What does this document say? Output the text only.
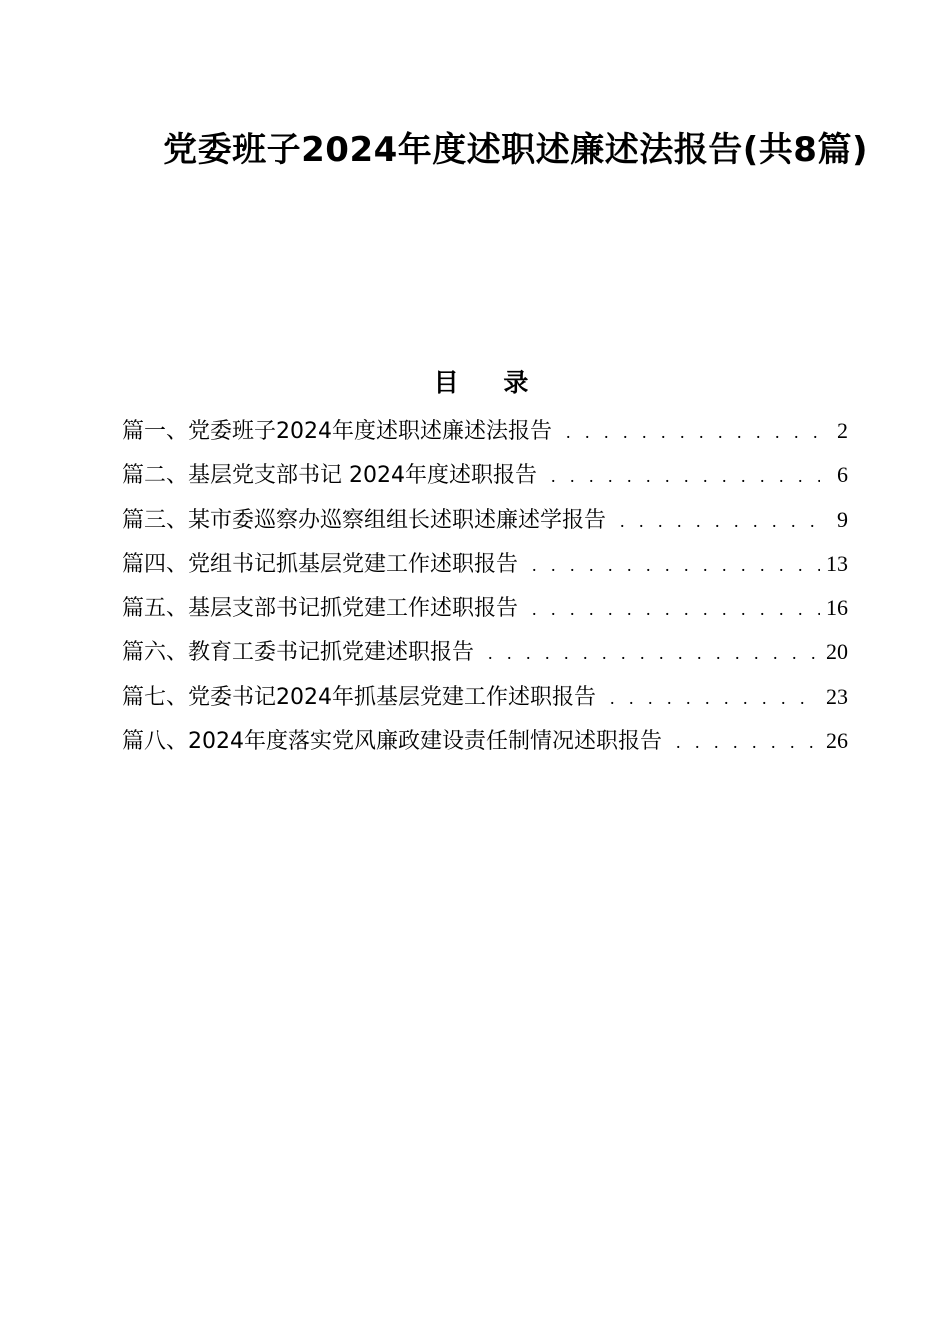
党委班子2024年度述职述廉述法报告(共8篇)
目 录
篇一、党委班子2024年度述职述廉述法报告 . . .	2
篇二、基层党支部书记 2024年度述职报告 . . .	6
篇三、某市委巡察办巡察组组长述职述廉述学报告 . . .	9
篇四、党组书记抓基层党建工作述职报告 . . .	13
篇五、基层支部书记抓党建工作述职报告 . . .	16
篇六、教育工委书记抓党建述职报告 . . .	20
篇七、党委书记2024年抓基层党建工作述职报告 . . .	23
篇八、2024年度落实党风廉政建设责任制情况述职报告 . . .	26
